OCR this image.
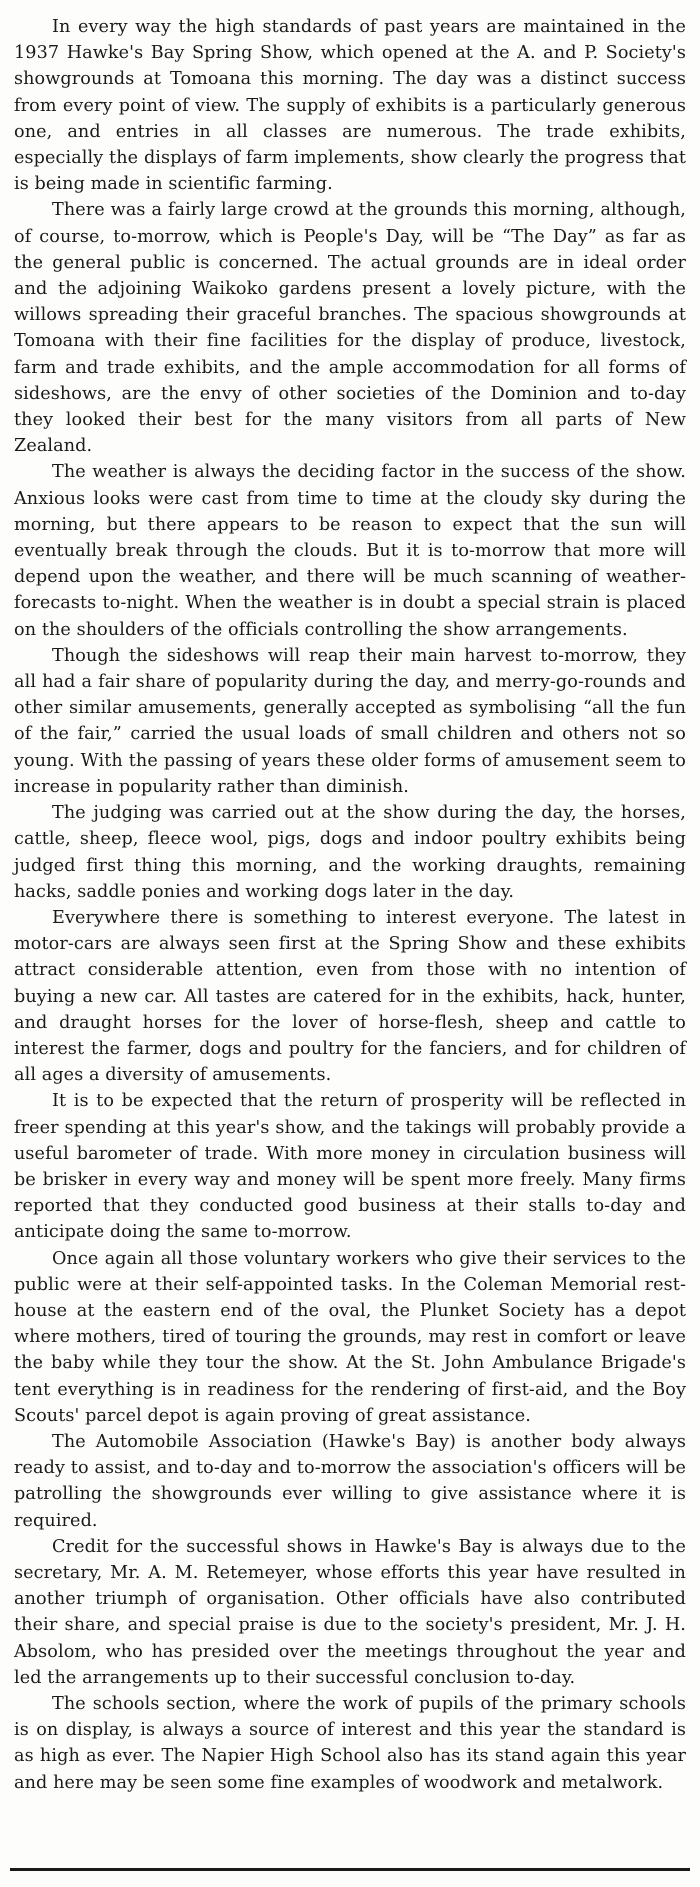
In every way the high standards of past years are maintained in the 1937 Hawke's Bay Spring Show, which opened at the A. and P. Society's showgrounds at Tomoana this morning. The day was a distinct success from every point of view. The supply of exhibits is a particularly generous one, and entries in all classes are numerous. The trade exhibits, especially the displays of farm implements, show clearly the progress that is being made in scientific farming.

There was a fairly large crowd at the grounds this morning, although, of course, to-morrow, which is People's Day, will be “The Day” as far as the general public is concerned. The actual grounds are in ideal order and the adjoining Waikoko gardens present a lovely picture, with the willows spreading their graceful branches. The spacious showgrounds at Tomoana with their fine facilities for the display of produce, livestock, farm and trade exhibits, and the ample accommodation for all forms of sideshows, are the envy of other societies of the Dominion and to-day they looked their best for the many visitors from all parts of New Zealand.

The weather is always the deciding factor in the success of the show. Anxious looks were cast from time to time at the cloudy sky during the morning, but there appears to be reason to expect that the sun will eventually break through the clouds. But it is to-morrow that more will depend upon the weather, and there will be much scanning of weather-forecasts to-night. When the weather is in doubt a special strain is placed on the shoulders of the officials controlling the show arrangements.

Though the sideshows will reap their main harvest to-morrow, they all had a fair share of popularity during the day, and merry-go-rounds and other similar amusements, generally accepted as symbolising “all the fun of the fair,” carried the usual loads of small children and others not so young. With the passing of years these older forms of amusement seem to increase in popularity rather than diminish.

The judging was carried out at the show during the day, the horses, cattle, sheep, fleece wool, pigs, dogs and indoor poultry exhibits being judged first thing this morning, and the working draughts, remaining hacks, saddle ponies and working dogs later in the day.

Everywhere there is something to interest everyone. The latest in motor-cars are always seen first at the Spring Show and these exhibits attract considerable attention, even from those with no intention of buying a new car. All tastes are catered for in the exhibits, hack, hunter, and draught horses for the lover of horse-flesh, sheep and cattle to interest the farmer, dogs and poultry for the fanciers, and for children of all ages a diversity of amusements.

It is to be expected that the return of prosperity will be reflected in freer spending at this year's show, and the takings will probably provide a useful barometer of trade. With more money in circulation business will be brisker in every way and money will be spent more freely. Many firms reported that they conducted good business at their stalls to-day and anticipate doing the same to-morrow.

Once again all those voluntary workers who give their services to the public were at their self-appointed tasks. In the Coleman Memorial rest-house at the eastern end of the oval, the Plunket Society has a depot where mothers, tired of touring the grounds, may rest in comfort or leave the baby while they tour the show. At the St. John Ambulance Brigade's tent everything is in readiness for the rendering of first-aid, and the Boy Scouts' parcel depot is again proving of great assistance.

The Automobile Association (Hawke's Bay) is another body always ready to assist, and to-day and to-morrow the association's officers will be patrolling the showgrounds ever willing to give assistance where it is required.

Credit for the successful shows in Hawke's Bay is always due to the secretary, Mr. A. M. Retemeyer, whose efforts this year have resulted in another triumph of organisation. Other officials have also contributed their share, and special praise is due to the society's president, Mr. J. H. Absolom, who has presided over the meetings throughout the year and led the arrangements up to their successful conclusion to-day.

The schools section, where the work of pupils of the primary schools is on display, is always a source of interest and this year the standard is as high as ever. The Napier High School also has its stand again this year and here may be seen some fine examples of woodwork and metalwork.
